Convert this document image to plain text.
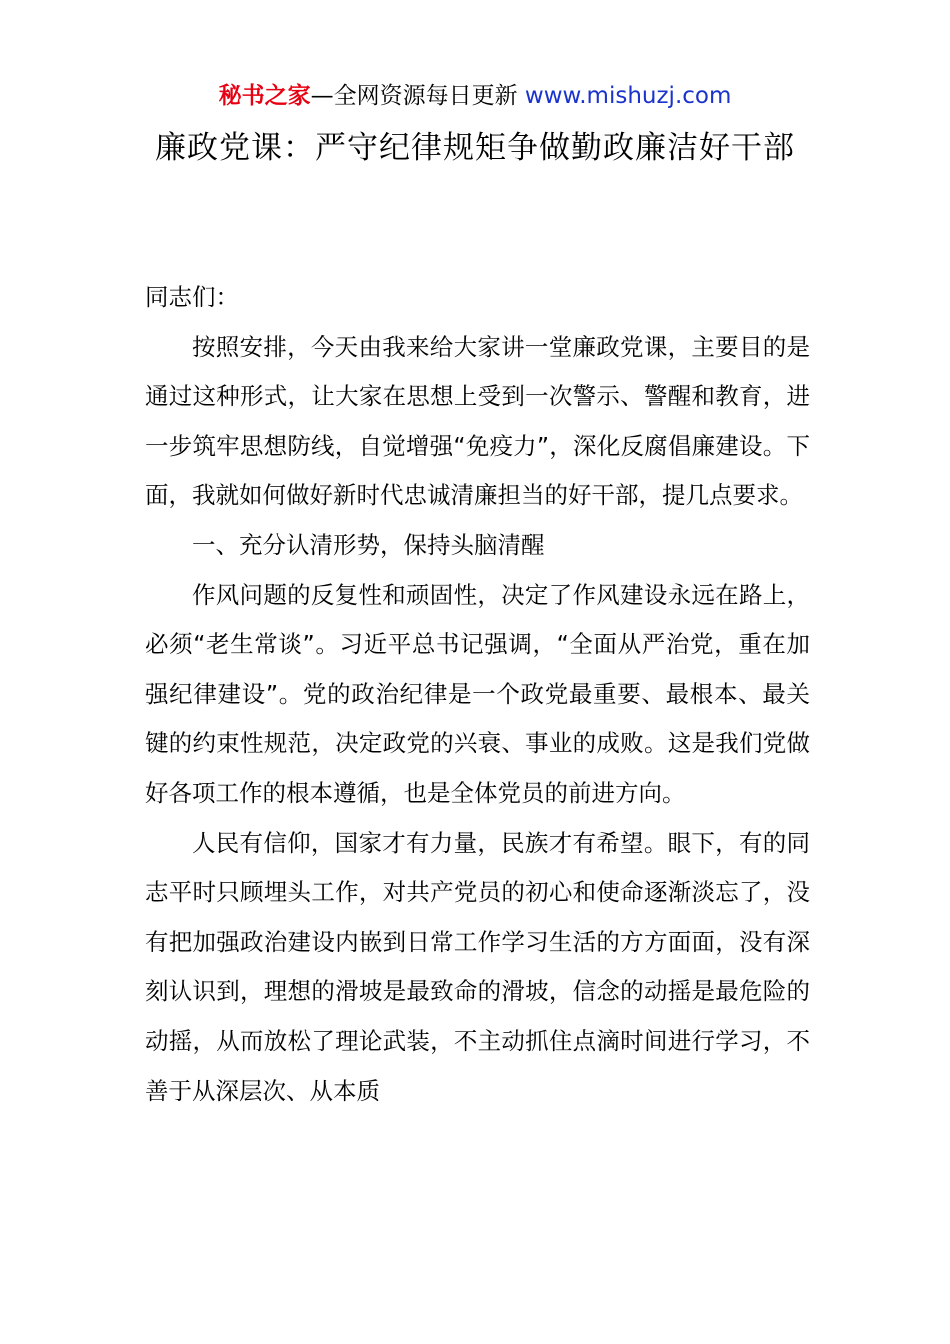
秘书之家—全网资源每日更新 www.mishuzj.com
廉政党课：严守纪律规矩争做勤政廉洁好干部

同志们：

按照安排，今天由我来给大家讲一堂廉政党课，主要目的是通过这种形式，让大家在思想上受到一次警示、警醒和教育，进一步筑牢思想防线，自觉增强“免疫力”，深化反腐倡廉建设。下面，我就如何做好新时代忠诚清廉担当的好干部，提几点要求。

一、充分认清形势，保持头脑清醒

作风问题的反复性和顽固性，决定了作风建设永远在路上，必须“老生常谈”。习近平总书记强调，“全面从严治党，重在加强纪律建设”。党的政治纪律是一个政党最重要、最根本、最关键的约束性规范，决定政党的兴衰、事业的成败。这是我们党做好各项工作的根本遵循，也是全体党员的前进方向。

人民有信仰，国家才有力量，民族才有希望。眼下，有的同志平时只顾埋头工作，对共产党员的初心和使命逐渐淡忘了，没有把加强政治建设内嵌到日常工作学习生活的方方面面，没有深刻认识到，理想的滑坡是最致命的滑坡，信念的动摇是最危险的动摇，从而放松了理论武装，不主动抓住点滴时间进行学习，不善于从深层次、从本质
